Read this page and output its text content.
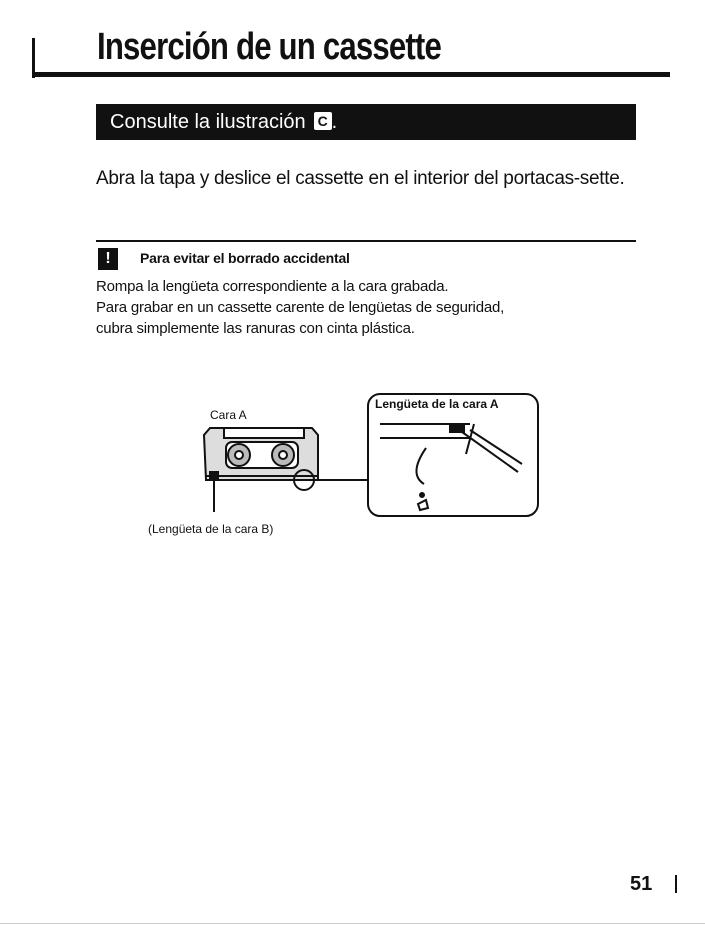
Inserción de un cassette
Consulte la ilustración C .
Abra la tapa y deslice el cassette en el interior del portacas-sette.
!	Para evitar el borrado accidental
Rompa la lengüeta correspondiente a la cara grabada.
Para grabar en un cassette carente de lengüetas de seguridad,
cubra simplemente las ranuras con cinta plástica.
Cara A
Lengüeta de la cara A
(Lengüeta de la cara B)
51
